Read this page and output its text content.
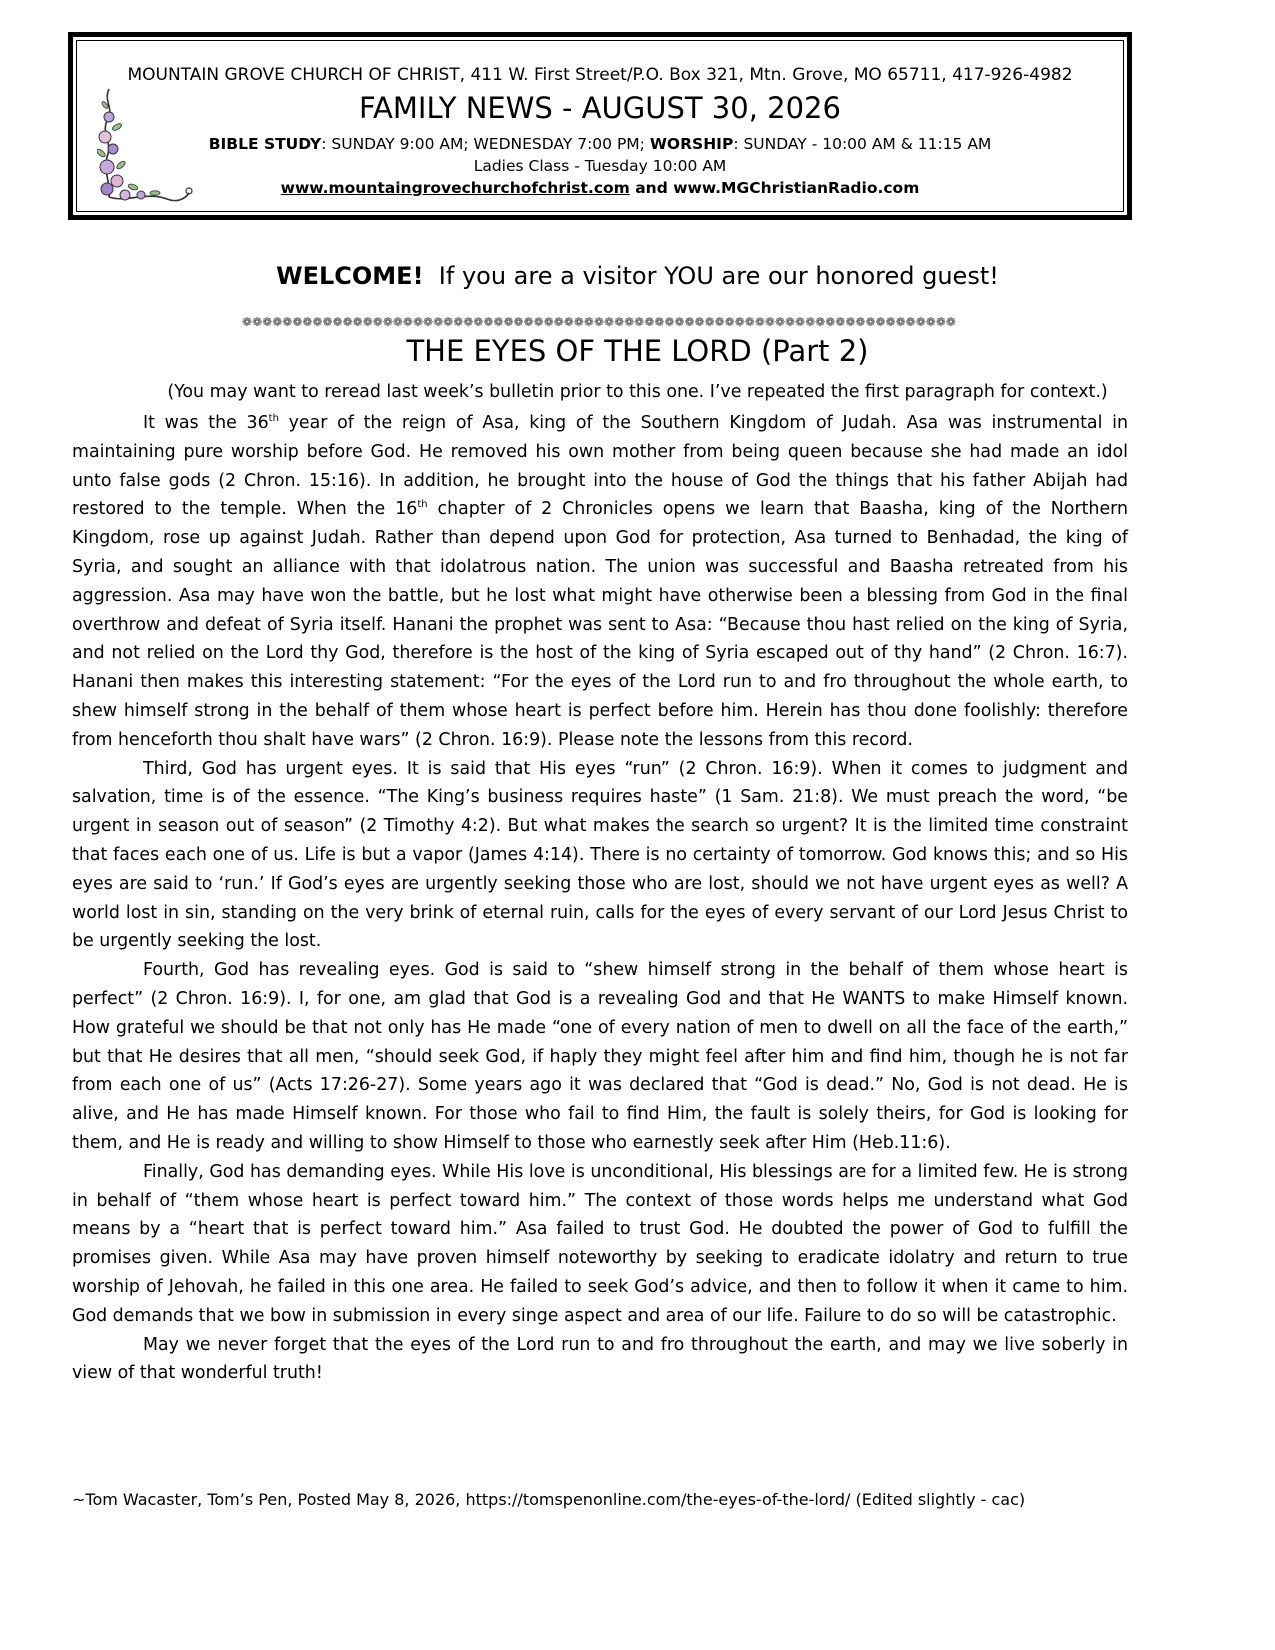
MOUNTAIN GROVE CHURCH OF CHRIST, 411 W. First Street/P.O. Box 321, Mtn. Grove, MO 65711, 417-926-4982
FAMILY NEWS - AUGUST 30, 2026
BIBLE STUDY: SUNDAY 9:00 AM; WEDNESDAY 7:00 PM; WORSHIP: SUNDAY - 10:00 AM & 11:15 AM
Ladies Class - Tuesday 10:00 AM
www.mountaingrovechurchofchrist.com and www.MGChristianRadio.com
WELCOME!  If you are a visitor YOU are our honored guest!
❁❁❁❁❁❁❁❁❁❁❁❁❁❁❁❁❁❁❁❁❁❁❁❁❁❁❁❁❁❁❁❁❁❁❁❁❁❁❁❁❁❁❁❁❁❁❁❁❁❁❁❁❁❁❁❁❁❁❁❁❁❁❁❁❁❁❁❁❁❁❁
THE EYES OF THE LORD (Part 2)
(You may want to reread last week’s bulletin prior to this one. I’ve repeated the first paragraph for context.)

It was the 36th year of the reign of Asa, king of the Southern Kingdom of Judah. Asa was instrumental in maintaining pure worship before God. He removed his own mother from being queen because she had made an idol unto false gods (2 Chron. 15:16). In addition, he brought into the house of God the things that his father Abijah had restored to the temple. When the 16th chapter of 2 Chronicles opens we learn that Baasha, king of the Northern Kingdom, rose up against Judah. Rather than depend upon God for protection, Asa turned to Benhadad, the king of Syria, and sought an alliance with that idolatrous nation. The union was successful and Baasha retreated from his aggression. Asa may have won the battle, but he lost what might have otherwise been a blessing from God in the final overthrow and defeat of Syria itself. Hanani the prophet was sent to Asa: “Because thou hast relied on the king of Syria, and not relied on the Lord thy God, therefore is the host of the king of Syria escaped out of thy hand” (2 Chron. 16:7). Hanani then makes this interesting statement: “For the eyes of the Lord run to and fro throughout the whole earth, to shew himself strong in the behalf of them whose heart is perfect before him. Herein has thou done foolishly: therefore from henceforth thou shalt have wars” (2 Chron. 16:9). Please note the lessons from this record.

Third, God has urgent eyes. It is said that His eyes “run” (2 Chron. 16:9). When it comes to judgment and salvation, time is of the essence. “The King’s business requires haste” (1 Sam. 21:8). We must preach the word, “be urgent in season out of season” (2 Timothy 4:2). But what makes the search so urgent? It is the limited time constraint that faces each one of us. Life is but a vapor (James 4:14). There is no certainty of tomorrow. God knows this; and so His eyes are said to ‘run.’ If God’s eyes are urgently seeking those who are lost, should we not have urgent eyes as well? A world lost in sin, standing on the very brink of eternal ruin, calls for the eyes of every servant of our Lord Jesus Christ to be urgently seeking the lost.

Fourth, God has revealing eyes. God is said to “shew himself strong in the behalf of them whose heart is perfect” (2 Chron. 16:9). I, for one, am glad that God is a revealing God and that He WANTS to make Himself known. How grateful we should be that not only has He made “one of every nation of men to dwell on all the face of the earth,” but that He desires that all men, “should seek God, if haply they might feel after him and find him, though he is not far from each one of us” (Acts 17:26-27). Some years ago it was declared that “God is dead.” No, God is not dead. He is alive, and He has made Himself known. For those who fail to find Him, the fault is solely theirs, for God is looking for them, and He is ready and willing to show Himself to those who earnestly seek after Him (Heb.11:6).

Finally, God has demanding eyes. While His love is unconditional, His blessings are for a limited few. He is strong in behalf of “them whose heart is perfect toward him.” The context of those words helps me understand what God means by a “heart that is perfect toward him.” Asa failed to trust God. He doubted the power of God to fulfill the promises given. While Asa may have proven himself noteworthy by seeking to eradicate idolatry and return to true worship of Jehovah, he failed in this one area. He failed to seek God’s advice, and then to follow it when it came to him. God demands that we bow in submission in every singe aspect and area of our life. Failure to do so will be catastrophic.

May we never forget that the eyes of the Lord run to and fro throughout the earth, and may we live soberly in view of that wonderful truth!

~Tom Wacaster, Tom’s Pen, Posted May 8, 2026, https://tomspenonline.com/the-eyes-of-the-lord/ (Edited slightly - cac)
